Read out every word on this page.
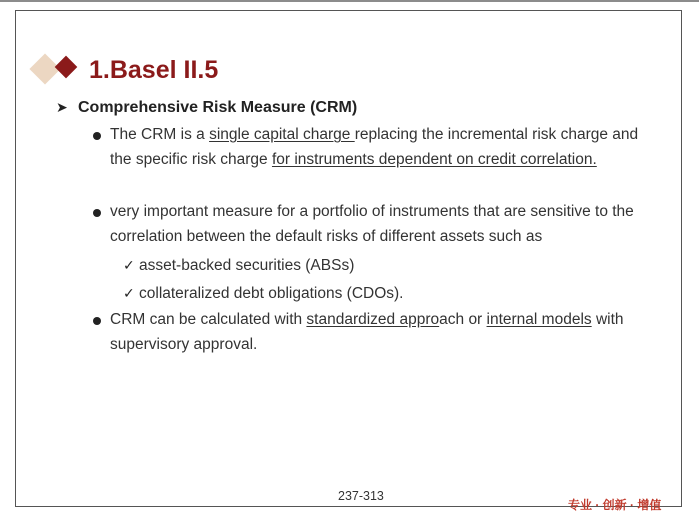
1.Basel II.5
➤ Comprehensive Risk Measure (CRM)
The CRM is a single capital charge replacing the incremental risk charge and the specific risk charge for instruments dependent on credit correlation.
very important measure for a portfolio of instruments that are sensitive to the correlation between the default risks of different assets such as
✓ asset-backed securities (ABSs)
✓ collateralized debt obligations (CDOs).
CRM can be calculated with standardized approach or internal models with supervisory approval.
237-313
专业 · 创新 · 增值
